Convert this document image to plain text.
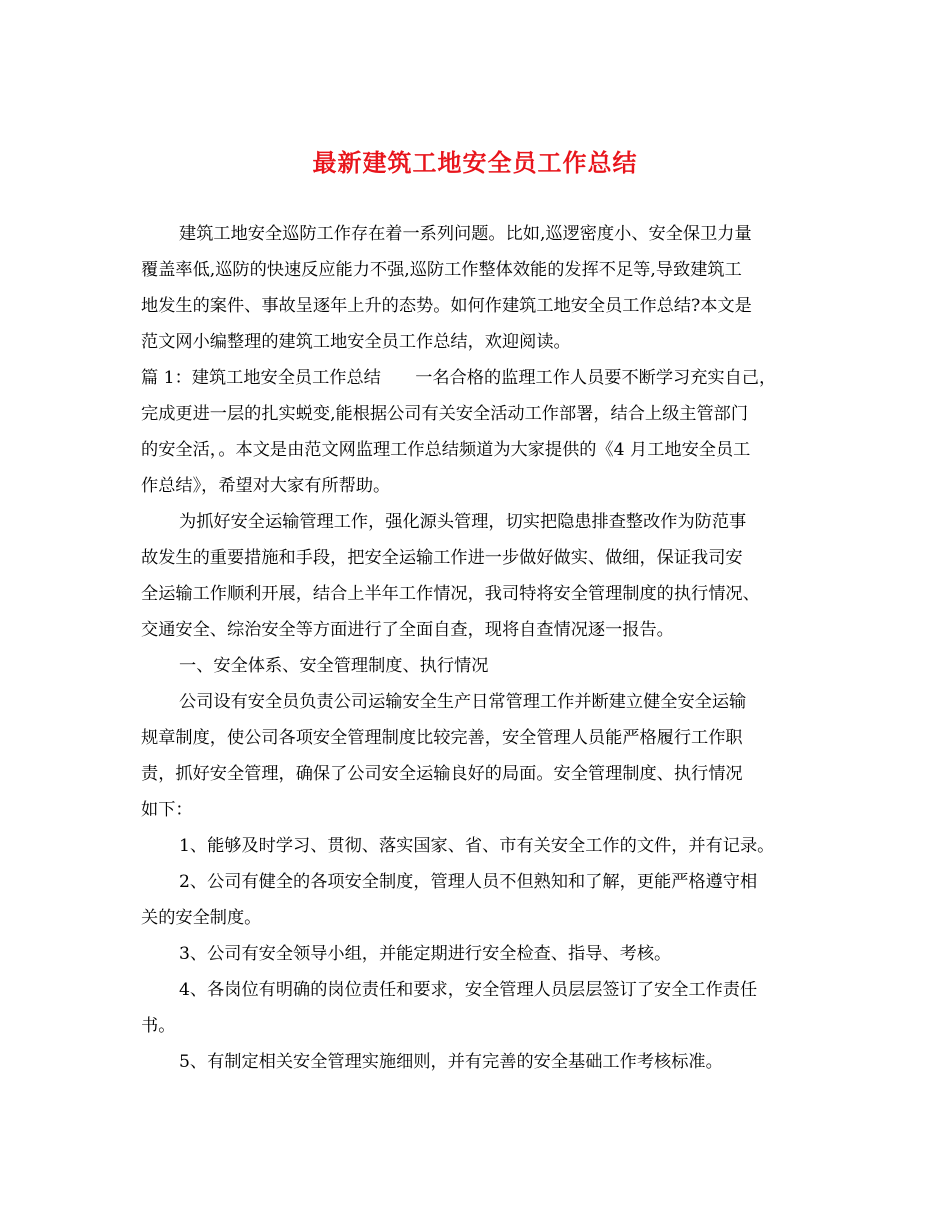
最新建筑工地安全员工作总结
建筑工地安全巡防工作存在着一系列问题。比如,巡逻密度小、安全保卫力量
覆盖率低,巡防的快速反应能力不强,巡防工作整体效能的发挥不足等,导致建筑工
地发生的案件、事故呈逐年上升的态势。如何作建筑工地安全员工作总结?本文是
范文网小编整理的建筑工地安全员工作总结，欢迎阅读。
篇 1：建筑工地安全员工作总结　　一名合格的监理工作人员要不断学习充实自己，
完成更进一层的扎实蜕变,能根据公司有关安全活动工作部署，结合上级主管部门
的安全活，。本文是由范文网监理工作总结频道为大家提供的《4 月工地安全员工
作总结》，希望对大家有所帮助。
为抓好安全运输管理工作，强化源头管理，切实把隐患排查整改作为防范事
故发生的重要措施和手段，把安全运输工作进一步做好做实、做细，保证我司安
全运输工作顺利开展，结合上半年工作情况，我司特将安全管理制度的执行情况、
交通安全、综治安全等方面进行了全面自查，现将自查情况逐一报告。
一、安全体系、安全管理制度、执行情况
公司设有安全员负责公司运输安全生产日常管理工作并断建立健全安全运输
规章制度，使公司各项安全管理制度比较完善，安全管理人员能严格履行工作职
责，抓好安全管理，确保了公司安全运输良好的局面。安全管理制度、执行情况
如下：
1、能够及时学习、贯彻、落实国家、省、市有关安全工作的文件，并有记录。
2、公司有健全的各项安全制度，管理人员不但熟知和了解，更能严格遵守相
关的安全制度。
3、公司有安全领导小组，并能定期进行安全检查、指导、考核。
4、各岗位有明确的岗位责任和要求，安全管理人员层层签订了安全工作责任
书。
5、有制定相关安全管理实施细则，并有完善的安全基础工作考核标准。
